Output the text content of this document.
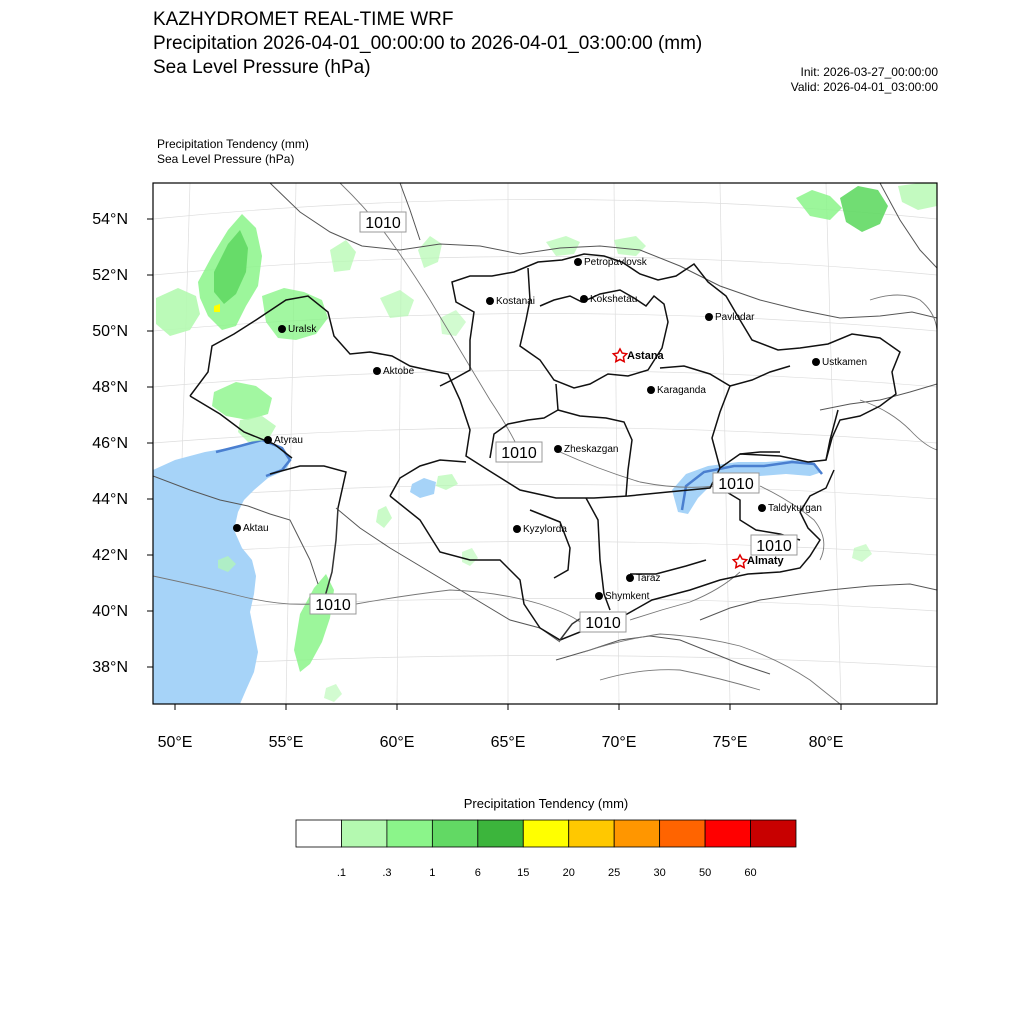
KAZHYDROMET REAL-TIME WRF
Precipitation 2026-04-01_00:00:00 to 2026-04-01_03:00:00 (mm)
Sea Level Pressure (hPa)	Init: 2026-03-27_00:00:00
Valid: 2026-04-01_03:00:00
Precipitation Tendency (mm)
Sea Level Pressure (hPa)
54°N
52°N
50°N
48°N
46°N
44°N
42°N
40°N
38°N
50°E	55°E	60°E	65°E	70°E	75°E	80°E
1010
1010
1010
1010
1010
1010
Petropavlovsk
Kostanai	Kokshetau
Pavlodar
Uralsk
Astana
Ustkamen
Aktobe
Karaganda
Atyrau
Zheskazgan
Taldykurgan
Aktau	Kyzylorda
Almaty
Taraz
Shymkent
Precipitation Tendency (mm)
.1	.3	1	6	15	20	25	30	50	60
